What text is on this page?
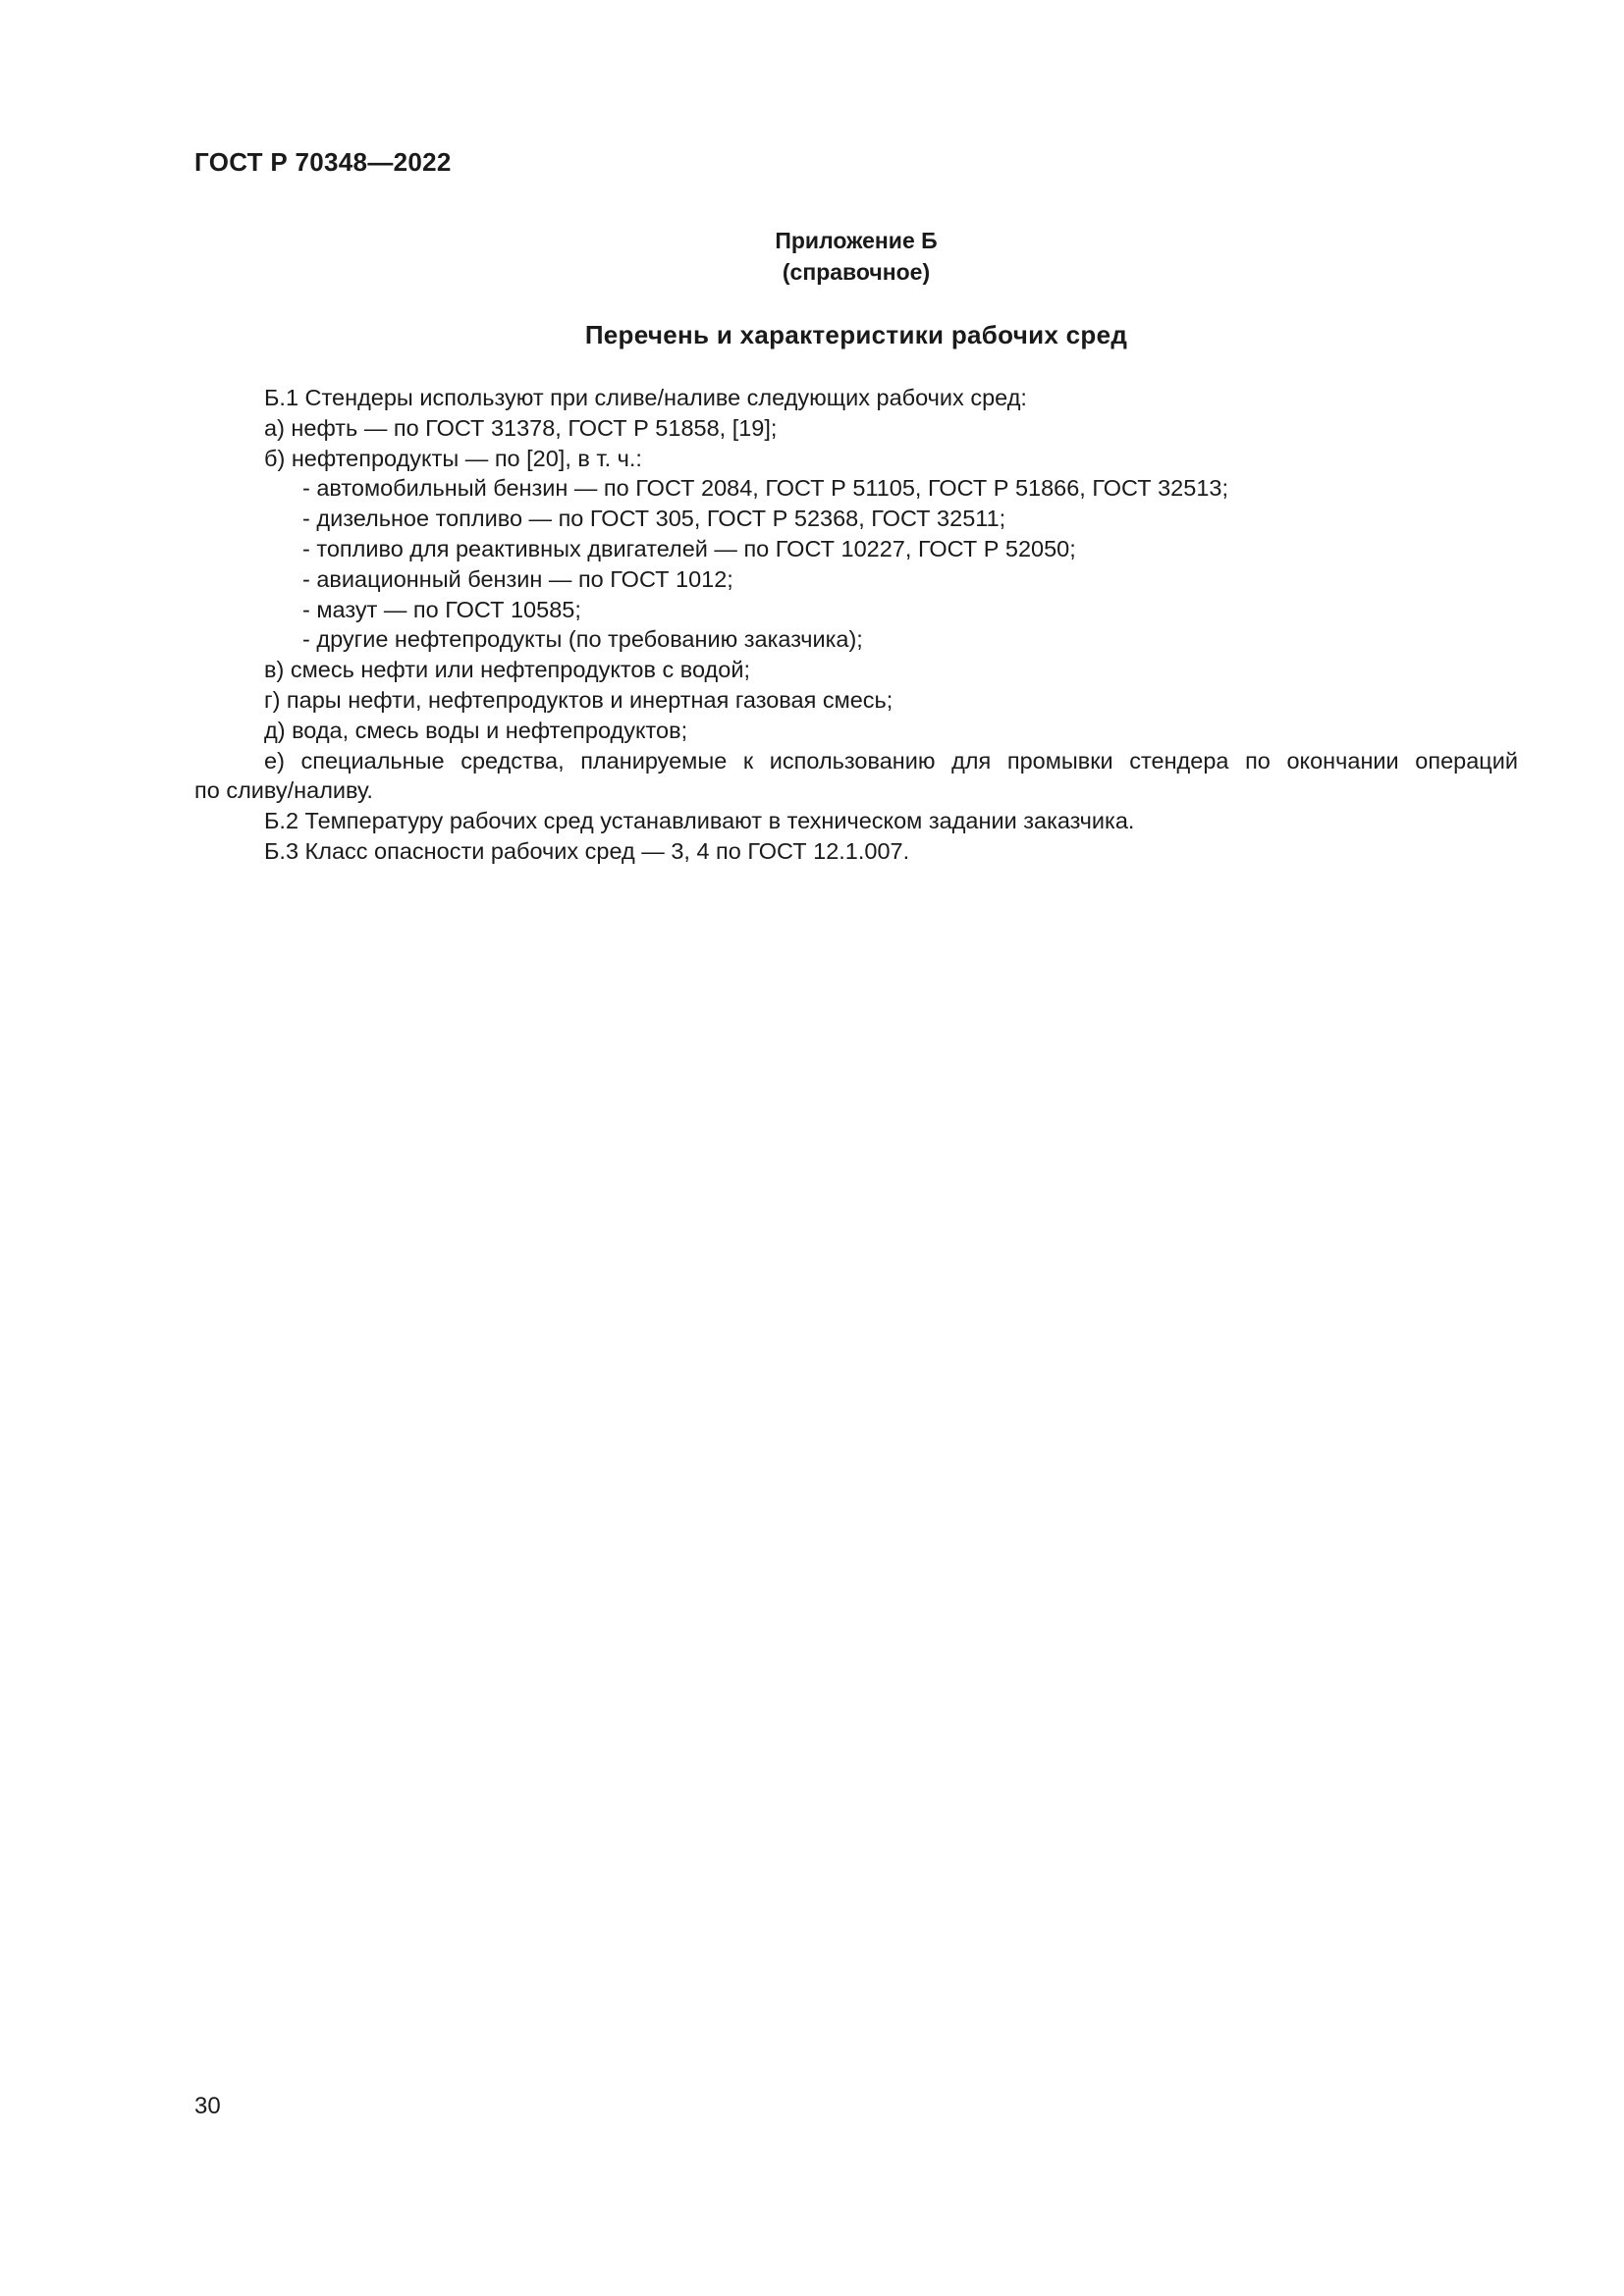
ГОСТ Р 70348—2022
Приложение Б
(справочное)
Перечень и характеристики рабочих сред

Б.1 Стендеры используют при сливе/наливе следующих рабочих сред:

а) нефть — по ГОСТ 31378, ГОСТ Р 51858, [19];

б) нефтепродукты — по [20], в т. ч.:

- автомобильный бензин — по ГОСТ 2084, ГОСТ Р 51105, ГОСТ Р 51866, ГОСТ 32513;

- дизельное топливо — по ГОСТ 305, ГОСТ Р 52368, ГОСТ 32511;

- топливо для реактивных двигателей — по ГОСТ 10227, ГОСТ Р 52050;

- авиационный бензин — по ГОСТ 1012;

- мазут — по ГОСТ 10585;

- другие нефтепродукты (по требованию заказчика);

в) смесь нефти или нефтепродуктов с водой;

г) пары нефти, нефтепродуктов и инертная газовая смесь;

д) вода, смесь воды и нефтепродуктов;

е) специальные средства, планируемые к использованию для промывки стендера по окончании операций

по сливу/наливу.

Б.2 Температуру рабочих сред устанавливают в техническом задании заказчика.

Б.3 Класс опасности рабочих сред — 3, 4 по ГОСТ 12.1.007.

30
